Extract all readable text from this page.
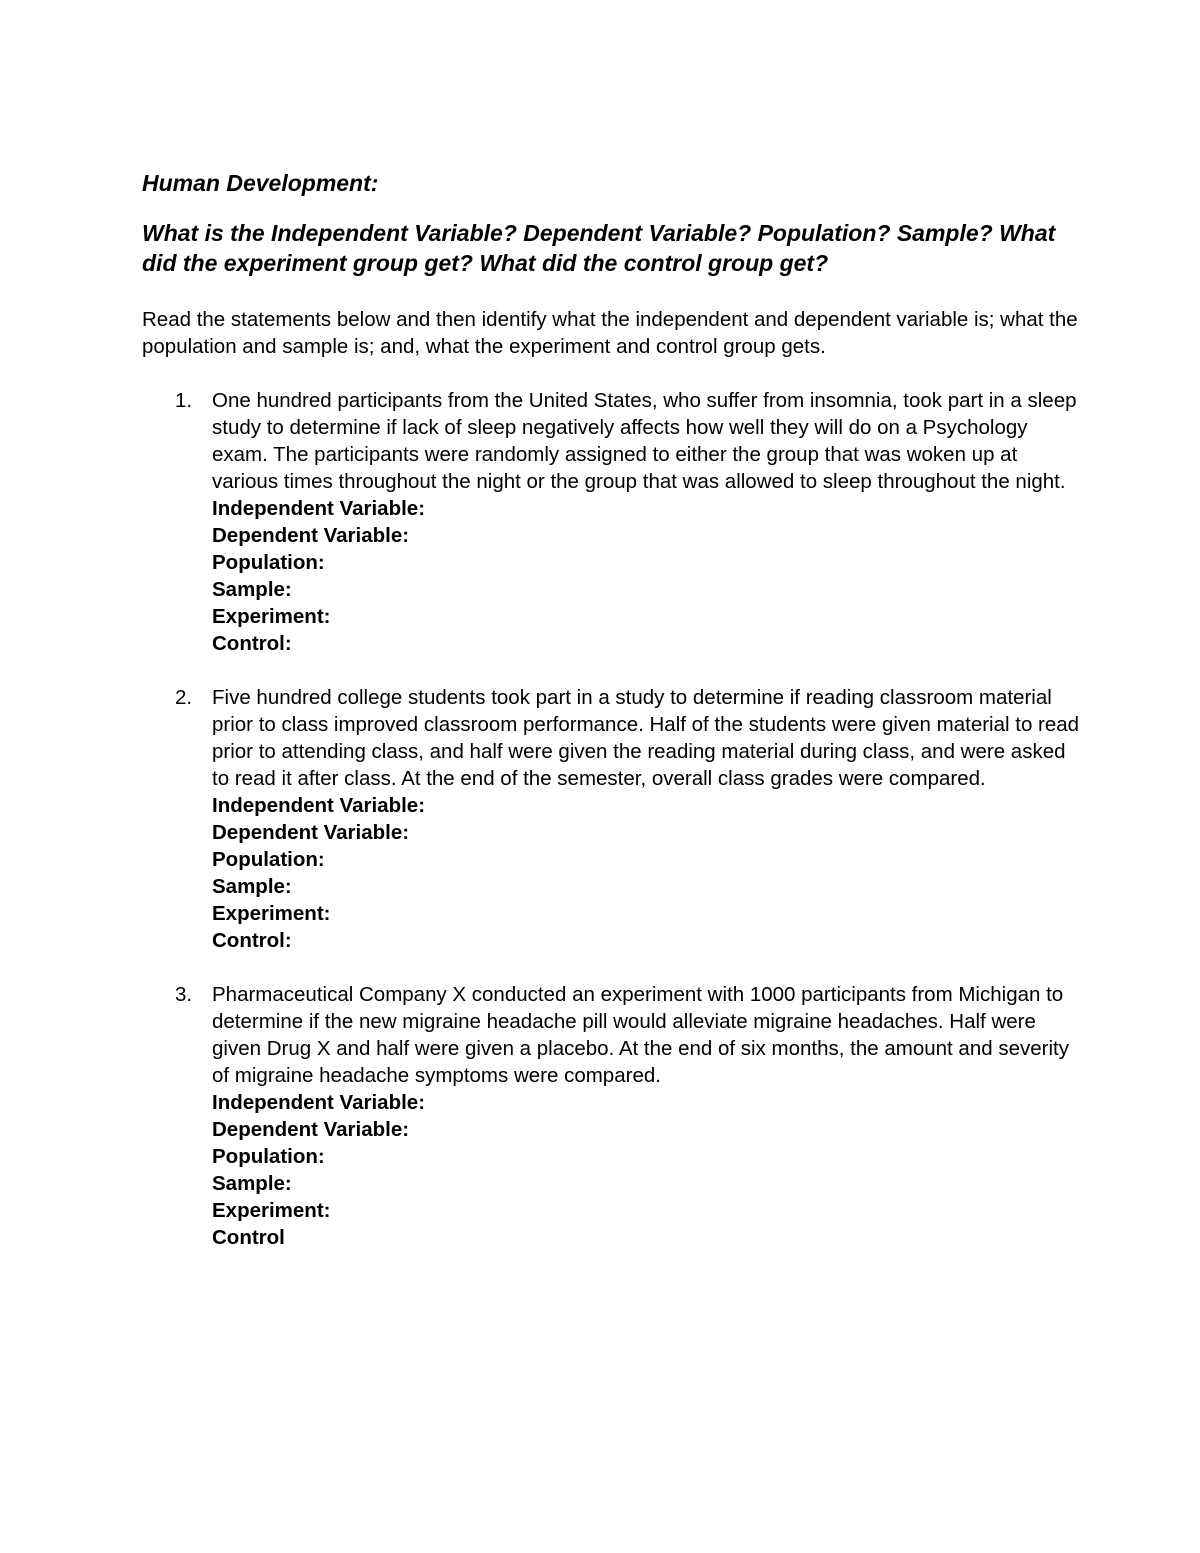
Human Development:
What is the Independent Variable? Dependent Variable? Population? Sample? What did the experiment group get? What did the control group get?

Read the statements below and then identify what the independent and dependent variable is; what the population and sample is; and, what the experiment and control group gets.

1. One hundred participants from the United States, who suffer from insomnia, took part in a sleep study to determine if lack of sleep negatively affects how well they will do on a Psychology exam. The participants were randomly assigned to either the group that was woken up at various times throughout the night or the group that was allowed to sleep throughout the night.
Independent Variable:
Dependent Variable:
Population:
Sample:
Experiment:
Control:
2. Five hundred college students took part in a study to determine if reading classroom material prior to class improved classroom performance. Half of the students were given material to read prior to attending class, and half were given the reading material during class, and were asked to read it after class. At the end of the semester, overall class grades were compared.
Independent Variable:
Dependent Variable:
Population:
Sample:
Experiment:
Control:
3. Pharmaceutical Company X conducted an experiment with 1000 participants from Michigan to determine if the new migraine headache pill would alleviate migraine headaches. Half were given Drug X and half were given a placebo. At the end of six months, the amount and severity of migraine headache symptoms were compared.
Independent Variable:
Dependent Variable:
Population:
Sample:
Experiment:
Control
